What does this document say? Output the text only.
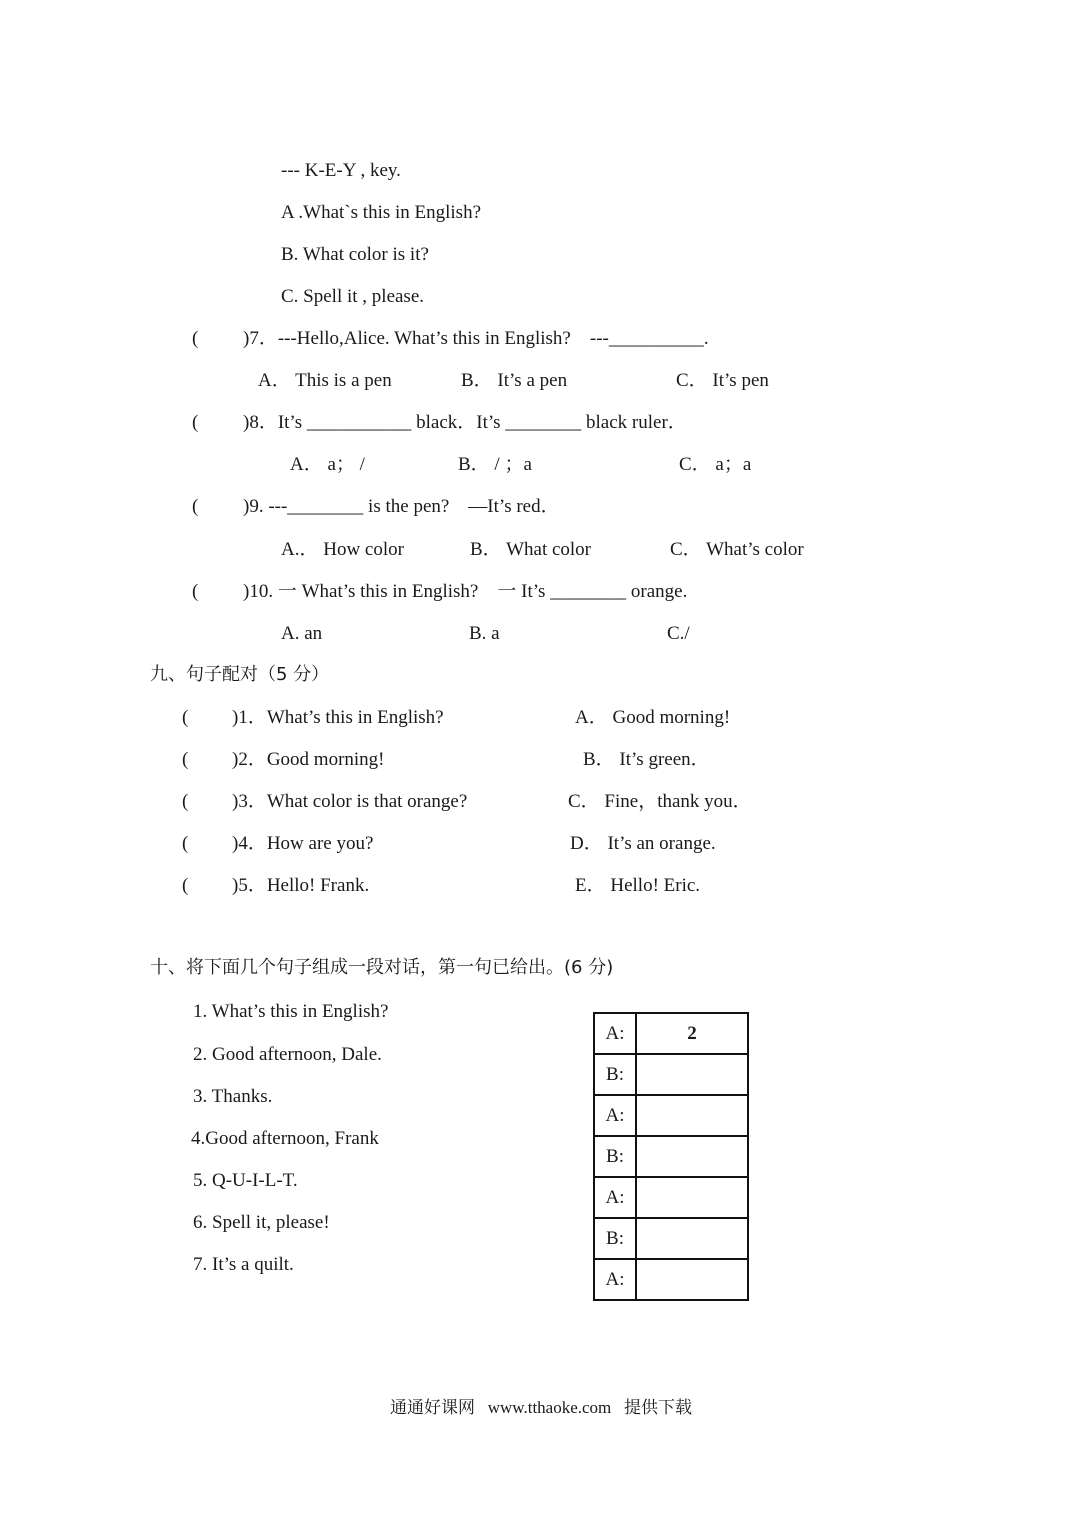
--- K-E-Y , key.
A .What`s this in English?
B. What color is it?
C. Spell it , please.
( )7．---Hello,Alice. What’s this in English?    ---__________.
A． This is a pen	B． It’s a pen	C． It’s pen
( )8．It’s ___________ black．It’s ________ black ruler．
A． a； /	B． / ；a	C． a；a
( )9. ---________ is the pen?    —It’s red．
A.． How color	B． What color	C． What’s color
( )10. 一 What’s this in English?    一 It’s ________ orange.
A. an	B. a	C./
九、句子配对（5 分）
( )1．What’s this in English?	A． Good morning!
( )2．Good morning!	B． It’s green．
( )3．What color is that orange?	C． Fine，thank you．
( )4．How are you?	D． It’s an orange.
( )5．Hello! Frank.	E． Hello! Eric.
十、将下面几个句子组成一段对话，第一句已给出。(6 分)
1. What’s this in English?
2. Good afternoon, Dale.
3. Thanks.
4.Good afternoon, Frank
5. Q-U-I-L-T.
6. Spell it, please!
7. It’s a quilt.
A:	2
B:	
A:	
B:	
A:	
B:	
A:	
通通好课网   www.tthaoke.com   提供下载
